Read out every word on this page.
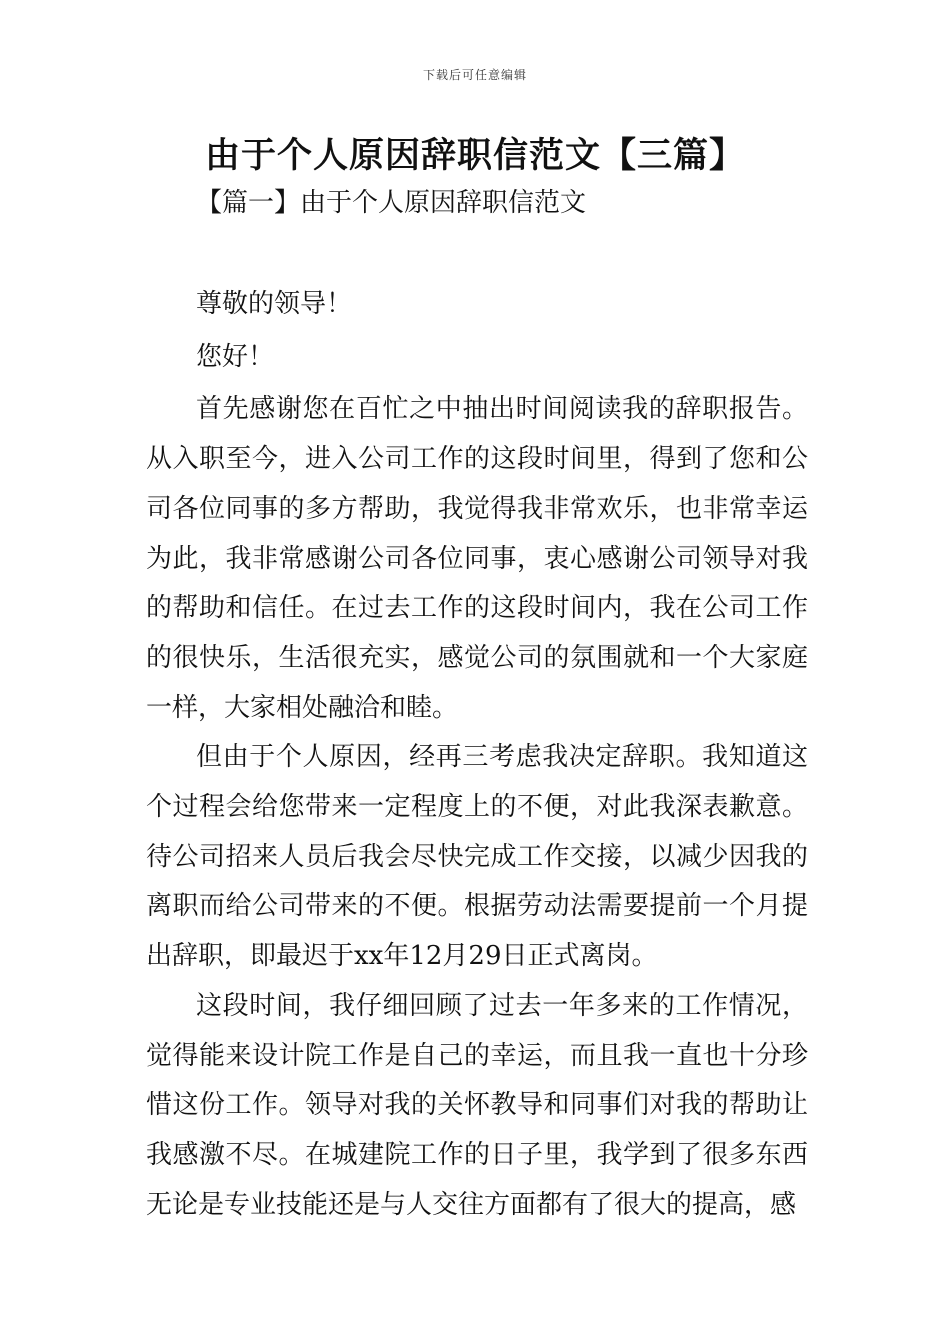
下载后可任意编辑
由于个人原因辞职信范文【三篇】
【篇一】由于个人原因辞职信范文

尊敬的领导！

您好！

首先感谢您在百忙之中抽出时间阅读我的辞职报告。从入职至今，进入公司工作的这段时间里，得到了您和公司各位同事的多方帮助，我觉得我非常欢乐，也非常幸运为此，我非常感谢公司各位同事，衷心感谢公司领导对我的帮助和信任。在过去工作的这段时间内，我在公司工作的很快乐，生活很充实，感觉公司的氛围就和一个大家庭一样，大家相处融洽和睦。

但由于个人原因，经再三考虑我决定辞职。我知道这个过程会给您带来一定程度上的不便，对此我深表歉意。待公司招来人员后我会尽快完成工作交接，以减少因我的离职而给公司带来的不便。根据劳动法需要提前一个月提出辞职，即最迟于xx年12月29日正式离岗。

这段时间，我仔细回顾了过去一年多来的工作情况，觉得能来设计院工作是自己的幸运，而且我一直也十分珍惜这份工作。领导对我的关怀教导和同事们对我的帮助让我感激不尽。在城建院工作的日子里，我学到了很多东西无论是专业技能还是与人交往方面都有了很大的提高，感
